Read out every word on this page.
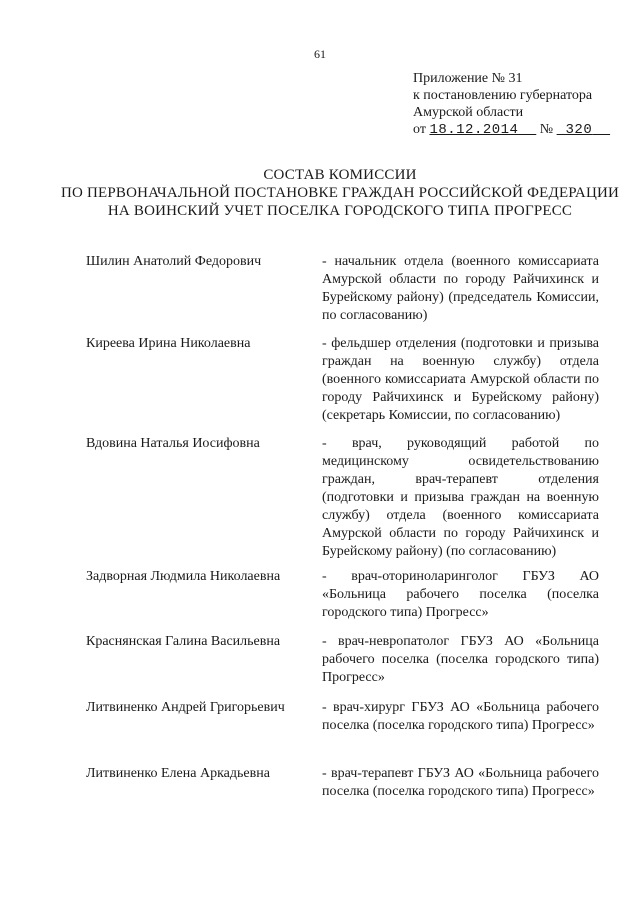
61
Приложение № 31
к постановлению губернатора
Амурской области
от 18.12.2014 № 320
СОСТАВ КОМИССИИ
ПО ПЕРВОНАЧАЛЬНОЙ ПОСТАНОВКЕ ГРАЖДАН РОССИЙСКОЙ ФЕДЕРАЦИИ
НА ВОИНСКИЙ УЧЕТ ПОСЕЛКА ГОРОДСКОГО ТИПА ПРОГРЕСС
Шилин Анатолий Федорович	- начальник отдела (военного комиссариата Амурской области по городу Райчихинск и Бурейскому району) (председатель Комиссии, по согласованию)
Киреева Ирина Николаевна	- фельдшер отделения (подготовки и призыва граждан на военную службу) отдела (военного комиссариата Амурской области по городу Райчихинск и Бурейскому району) (секретарь Комиссии, по согласованию)
Вдовина Наталья Иосифовна	- врач, руководящий работой по медицинскому освидетельствованию граждан, врач-терапевт отделения (подготовки и призыва граждан на военную службу) отдела (военного комиссариата Амурской области по городу Райчихинск и Бурейскому району) (по согласованию)
Задворная Людмила Николаевна	- врач-оториноларинголог ГБУЗ АО «Больница рабочего поселка (поселка городского типа) Прогресс»
Краснянская Галина Васильевна	- врач-невропатолог ГБУЗ АО «Больница рабочего поселка (поселка городского типа) Прогресс»
Литвиненко Андрей Григорьевич	- врач-хирург ГБУЗ АО «Больница рабочего поселка (поселка городского типа) Прогресс»
Литвиненко Елена Аркадьевна	- врач-терапевт ГБУЗ АО «Больница рабочего поселка (поселка городского типа) Прогресс»
